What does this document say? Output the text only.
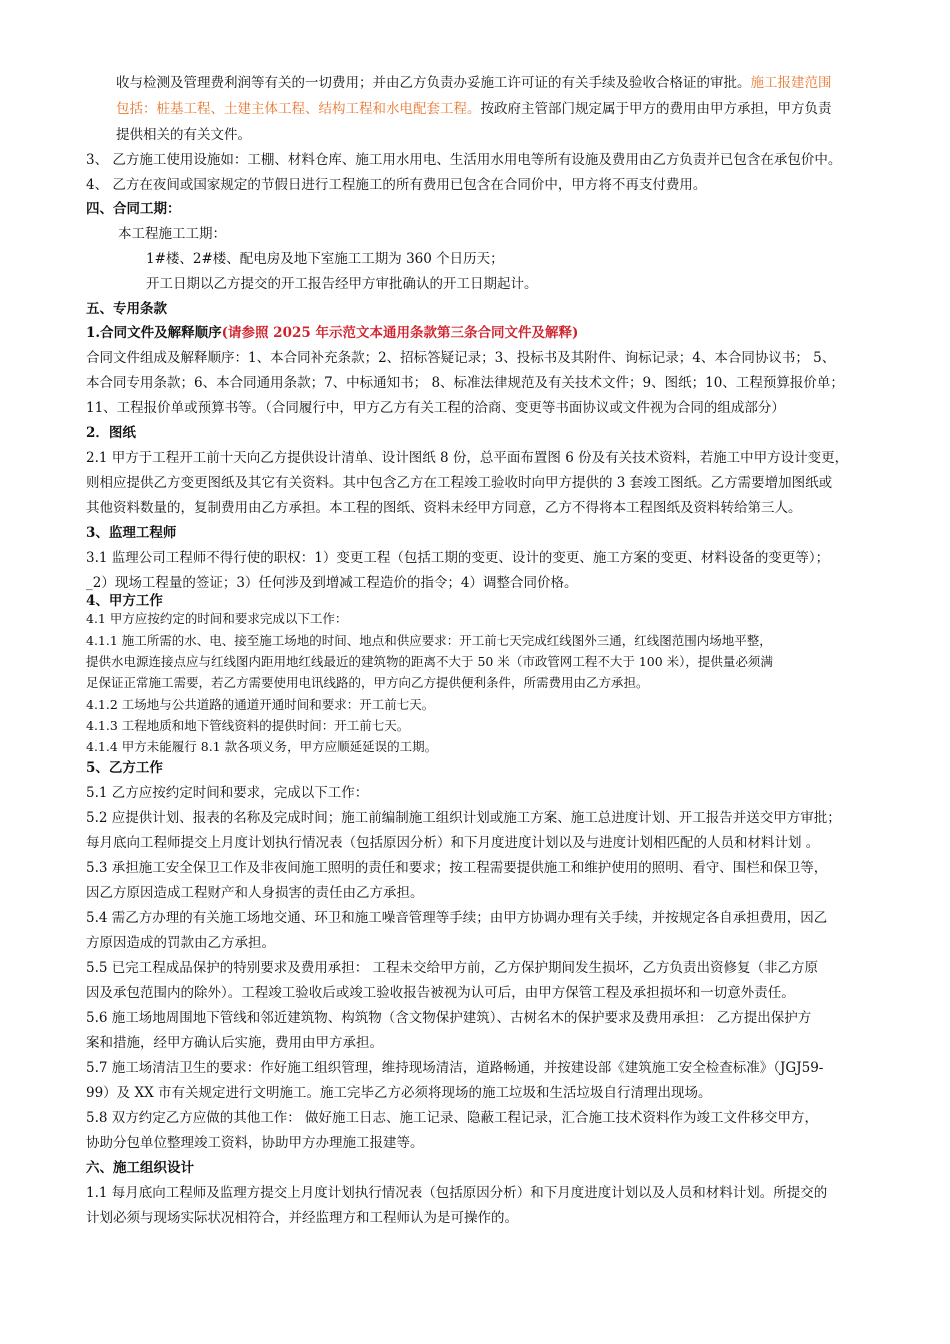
收与检测及管理费利润等有关的一切费用；并由乙方负责办妥施工许可证的有关手续及验收合格证的审批。施工报建范围
包括：桩基工程、土建主体工程、结构工程和水电配套工程。按政府主管部门规定属于甲方的费用由甲方承担，甲方负责
提供相关的有关文件。
3、 乙方施工使用设施如：工棚、材料仓库、施工用水用电、生活用水用电等所有设施及费用由乙方负责并已包含在承包价中。
4、 乙方在夜间或国家规定的节假日进行工程施工的所有费用已包含在合同价中，甲方将不再支付费用。
四、合同工期：
本工程施工工期：
1#楼、2#楼、配电房及地下室施工工期为 360 个日历天；
开工日期以乙方提交的开工报告经甲方审批确认的开工日期起计。
五、专用条款
1.合同文件及解释顺序(请参照 2025 年示范文本通用条款第三条合同文件及解释)
合同文件组成及解释顺序：1、本合同补充条款；2、招标答疑记录；3、投标书及其附件、询标记录；4、本合同协议书； 5、
本合同专用条款；6、本合同通用条款；7、中标通知书； 8、标准法律规范及有关技术文件；9、图纸；10、工程预算报价单；
11、工程报价单或预算书等。（合同履行中，甲方乙方有关工程的洽商、变更等书面协议或文件视为合同的组成部分）
2．图纸
2.1 甲方于工程开工前十天向乙方提供设计清单、设计图纸 8 份，总平面布置图 6 份及有关技术资料，若施工中甲方设计变更，
则相应提供乙方变更图纸及其它有关资料。其中包含乙方在工程竣工验收时向甲方提供的 3 套竣工图纸。乙方需要增加图纸或
其他资料数量的，复制费用由乙方承担。本工程的图纸、资料未经甲方同意，乙方不得将本工程图纸及资料转给第三人。
3、监理工程师
3.1 监理公司工程师不得行使的职权：1）变更工程（包括工期的变更、设计的变更、施工方案的变更、材料设备的变更等）；
_2）现场工程量的签证；3）任何涉及到增减工程造价的指令；4）调整合同价格。
4、甲方工作
4.1 甲方应按约定的时间和要求完成以下工作：
4.1.1 施工所需的水、电、接至施工场地的时间、地点和供应要求：开工前七天完成红线图外三通，红线图范围内场地平整，
提供水电源连接点应与红线图内距用地红线最近的建筑物的距离不大于 50 米（市政管网工程不大于 100 米），提供量必须满
足保证正常施工需要，若乙方需要使用电讯线路的，甲方向乙方提供便利条件，所需费用由乙方承担。
4.1.2 工场地与公共道路的通道开通时间和要求：开工前七天。
4.1.3 工程地质和地下管线资料的提供时间：开工前七天。
4.1.4 甲方未能履行 8.1 款各项义务，甲方应顺延延误的工期。
5、乙方工作
5.1 乙方应按约定时间和要求，完成以下工作：
5.2 应提供计划、报表的名称及完成时间；施工前编制施工组织计划或施工方案、施工总进度计划、开工报告并送交甲方审批；
每月底向工程师提交上月度计划执行情况表（包括原因分析）和下月度进度计划以及与进度计划相匹配的人员和材料计划 。
5.3 承担施工安全保卫工作及非夜间施工照明的责任和要求；按工程需要提供施工和维护使用的照明、看守、围栏和保卫等，
因乙方原因造成工程财产和人身损害的责任由乙方承担。
5.4 需乙方办理的有关施工场地交通、环卫和施工噪音管理等手续；由甲方协调办理有关手续，并按规定各自承担费用，因乙
方原因造成的罚款由乙方承担。
5.5 已完工程成品保护的特别要求及费用承担： 工程未交给甲方前，乙方保护期间发生损坏，乙方负责出资修复（非乙方原
因及承包范围内的除外）。工程竣工验收后或竣工验收报告被视为认可后，由甲方保管工程及承担损坏和一切意外责任。
5.6 施工场地周围地下管线和邻近建筑物、构筑物（含文物保护建筑）、古树名木的保护要求及费用承担： 乙方提出保护方
案和措施，经甲方确认后实施，费用由甲方承担。
5.7 施工场清洁卫生的要求：作好施工组织管理，维持现场清洁，道路畅通，并按建设部《建筑施工安全检查标准》（JGJ59-
99）及 XX 市有关规定进行文明施工。施工完毕乙方必须将现场的施工垃圾和生活垃圾自行清理出现场。
5.8 双方约定乙方应做的其他工作： 做好施工日志、施工记录、隐蔽工程记录，汇合施工技术资料作为竣工文件移交甲方，
协助分包单位整理竣工资料，协助甲方办理施工报建等。
六、施工组织设计
1.1 每月底向工程师及监理方提交上月度计划执行情况表（包括原因分析）和下月度进度计划以及人员和材料计划。所提交的
计划必须与现场实际状况相符合，并经监理方和工程师认为是可操作的。
